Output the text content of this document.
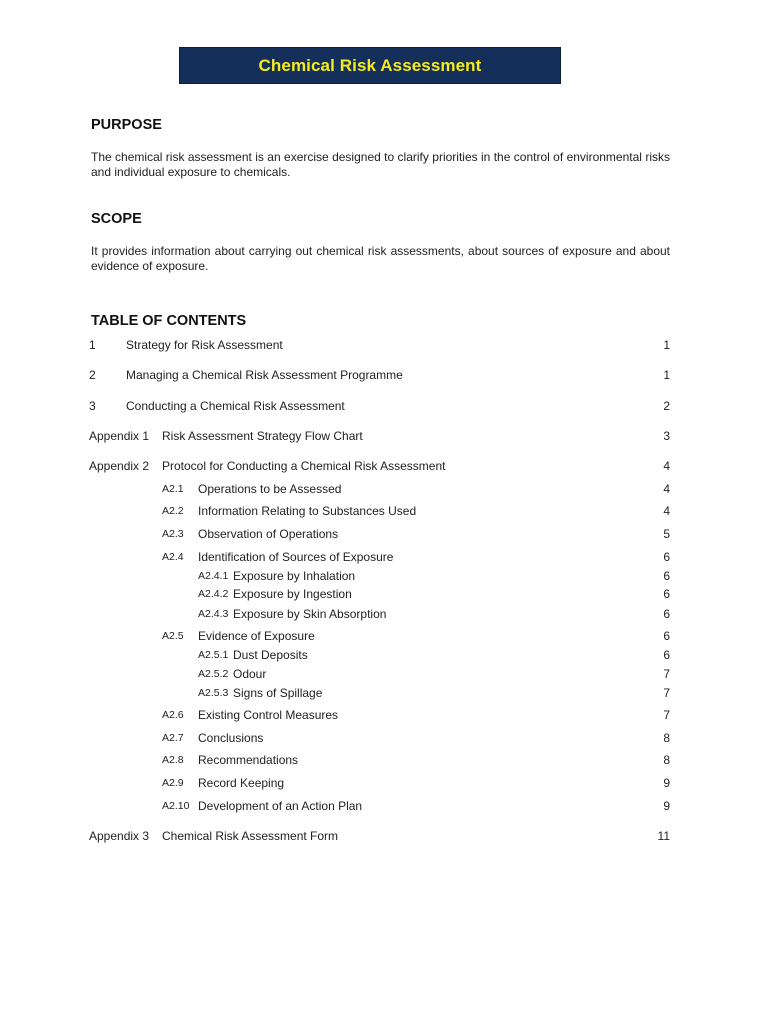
Chemical Risk Assessment
PURPOSE

The chemical risk assessment is an exercise designed to clarify priorities in the control of environmental risks and individual exposure to chemicals.

SCOPE

It provides information about carrying out chemical risk assessments, about sources of exposure and about evidence of exposure.

TABLE OF CONTENTS
1	Strategy for Risk Assessment	1
2	Managing a Chemical Risk Assessment Programme	1
3	Conducting a Chemical Risk Assessment	2
Appendix 1 Risk Assessment Strategy Flow Chart	3
Appendix 2 Protocol for Conducting a Chemical Risk Assessment	4
A2.1 Operations to be Assessed	4
A2.2 Information Relating to Substances Used	4
A2.3 Observation of Operations	5
A2.4 Identification of Sources of Exposure	6
A2.4.1 Exposure by Inhalation	6
A2.4.2 Exposure by Ingestion	6
A2.4.3 Exposure by Skin Absorption	6
A2.5 Evidence of Exposure	6
A2.5.1 Dust Deposits	6
A2.5.2 Odour	7
A2.5.3 Signs of Spillage	7
A2.6 Existing Control Measures	7
A2.7 Conclusions	8
A2.8 Recommendations	8
A2.9 Record Keeping	9
A2.10 Development of an Action Plan	9
Appendix 3 Chemical Risk Assessment Form	11
